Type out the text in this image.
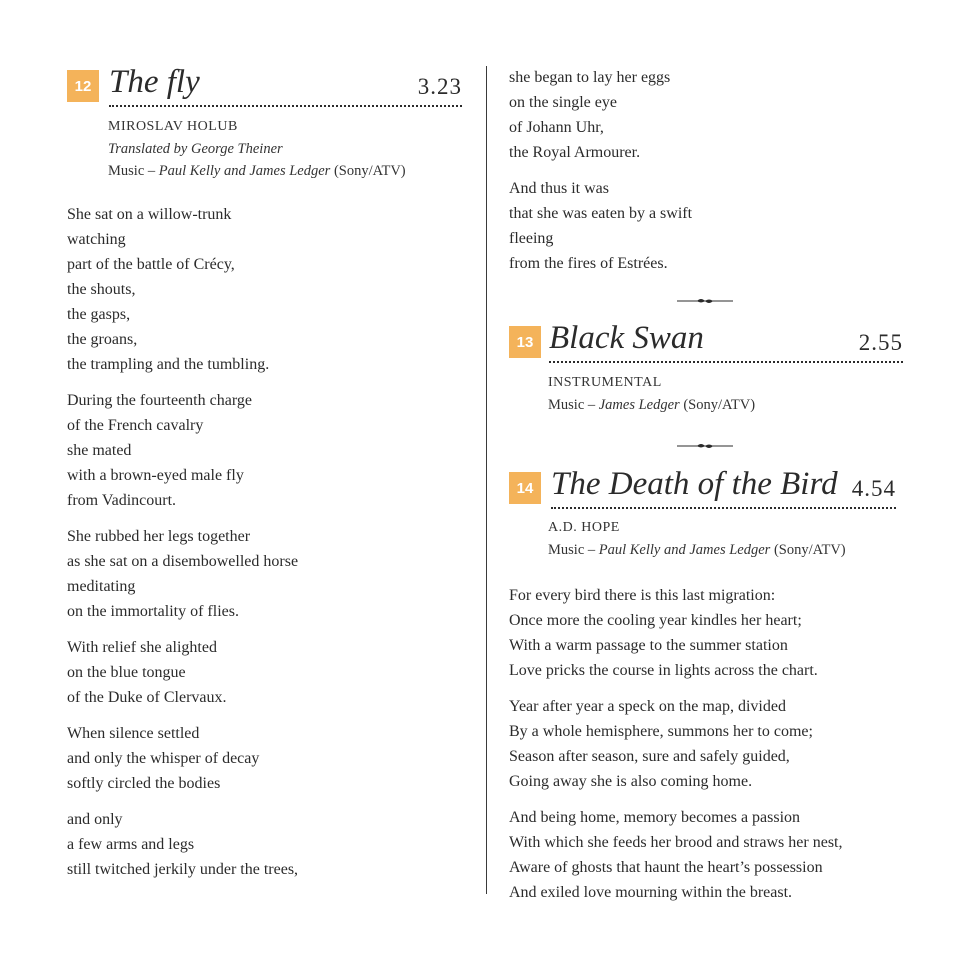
12 The fly	3.23
MIROSLAV HOLUB
Translated by George Theiner
Music – Paul Kelly and James Ledger (Sony/ATV)
She sat on a willow-trunk
watching
part of the battle of Crécy,
the shouts,
the gasps,
the groans,
the trampling and the tumbling.
During the fourteenth charge
of the French cavalry
she mated
with a brown-eyed male fly
from Vadincourt.
She rubbed her legs together
as she sat on a disembowelled horse
meditating
on the immortality of flies.
With relief she alighted
on the blue tongue
of the Duke of Clervaux.
When silence settled
and only the whisper of decay
softly circled the bodies
and only
a few arms and legs
still twitched jerkily under the trees,
she began to lay her eggs
on the single eye
of Johann Uhr,
the Royal Armourer.
And thus it was
that she was eaten by a swift
fleeing
from the fires of Estrées.
13 Black Swan	2.55
INSTRUMENTAL
Music – James Ledger (Sony/ATV)
14 The Death of the Bird 4.54
A.D. HOPE
Music – Paul Kelly and James Ledger (Sony/ATV)
For every bird there is this last migration:
Once more the cooling year kindles her heart;
With a warm passage to the summer station
Love pricks the course in lights across the chart.
Year after year a speck on the map, divided
By a whole hemisphere, summons her to come;
Season after season, sure and safely guided,
Going away she is also coming home.
And being home, memory becomes a passion
With which she feeds her brood and straws her nest,
Aware of ghosts that haunt the heart’s possession
And exiled love mourning within the breast.
